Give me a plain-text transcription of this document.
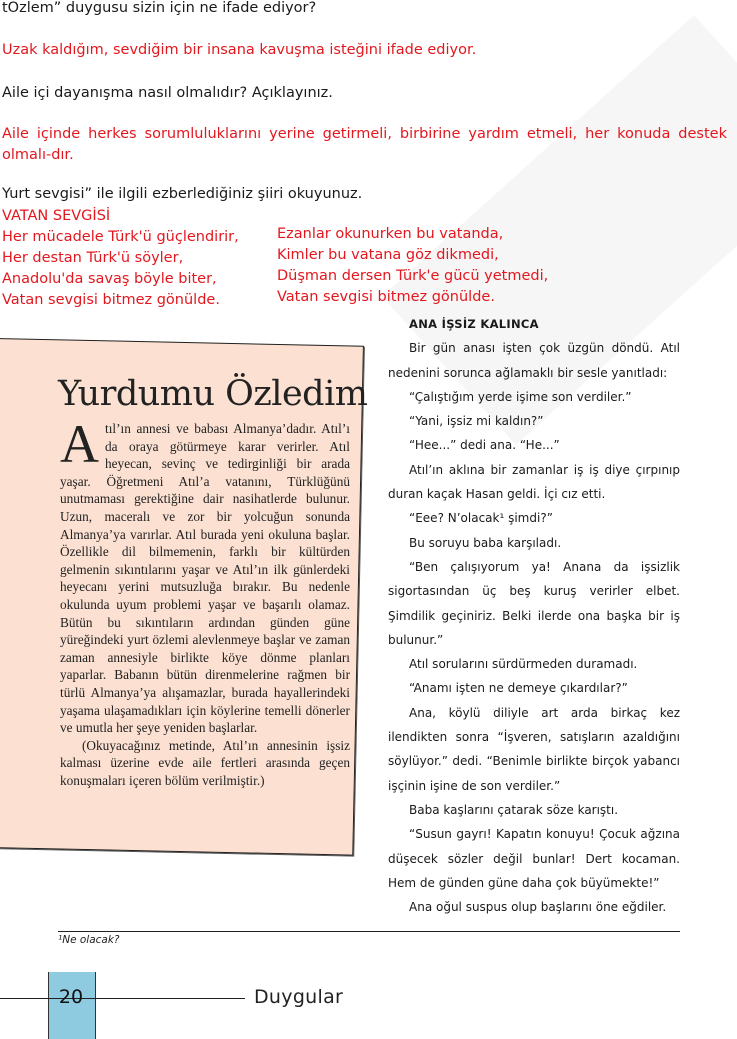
tÖzlem” duygusu sizin için ne ifade ediyor?
Uzak kaldığım, sevdiğim bir insana kavuşma isteğini ifade ediyor.
Aile içi dayanışma nasıl olmalıdır? Açıklayınız.
Aile içinde herkes sorumluluklarını yerine getirmeli, birbirine yardım etmeli, her konuda destek olmalı-dır.
Yurt sevgisi” ile ilgili ezberlediğiniz şiiri okuyunuz.
VATAN SEVGİSİ
Her mücadele Türk'ü güçlendirir,
Her destan Türk'ü söyler,
Anadolu'da savaş böyle biter,
Vatan sevgisi bitmez gönülde.
Ezanlar okunurken bu vatanda,
Kimler bu vatana göz dikmedi,
Düşman dersen Türk'e gücü yetmedi,
Vatan sevgisi bitmez gönülde.
Yurdumu Özledim
A tıl’ın annesi ve babası Almanya’dadır. Atıl’ı da oraya götürmeye karar verirler. Atıl heyecan, sevinç ve tedirginliği bir arada yaşar. Öğretmeni Atıl’a vatanını, Türklüğünü unutmaması gerektiğine dair nasihatlerde bulunur. Uzun, maceralı ve zor bir yolcuğun sonunda Almanya’ya varırlar. Atıl burada yeni okuluna başlar. Özellikle dil bilmemenin, farklı bir kültürden gelmenin sıkıntılarını yaşar ve Atıl’ın ilk günlerdeki heyecanı yerini mutsuzluğa bırakır. Bu nedenle okulunda uyum problemi yaşar ve başarılı olamaz. Bütün bu sıkıntıların ardından günden güne yüreğindeki yurt özlemi alevlenmeye başlar ve zaman zaman annesiyle birlikte köye dönme planları yaparlar. Babanın bütün direnmelerine rağmen bir türlü Almanya’ya alışamazlar, burada hayallerindeki yaşama ulaşamadıkları için köylerine temelli dönerler ve umutla her şeye yeniden başlarlar.
(Okuyacağınız metinde, Atıl’ın annesinin işsiz kalması üzerine evde aile fertleri arasında geçen konuşmaları içeren bölüm verilmiştir.)

ANA İŞSİZ KALINCA

Bir gün anası işten çok üzgün döndü. Atıl nedenini sorunca ağlamaklı bir sesle yanıtladı:

“Çalıştığım yerde işime son verdiler.”

“Yani, işsiz mi kaldın?”

“Hee...” dedi ana. “He...”

Atıl’ın aklına bir zamanlar iş iş diye çırpınıp duran kaçak Hasan geldi. İçi cız etti.

“Eee? N’olacak¹ şimdi?”

Bu soruyu baba karşıladı.

“Ben çalışıyorum ya! Anana da işsizlik sigortasından üç beş kuruş verirler elbet. Şimdilik geçiniriz. Belki ilerde ona başka bir iş bulunur.”

Atıl sorularını sürdürmeden duramadı.

“Anamı işten ne demeye çıkardılar?”

Ana, köylü diliyle art arda birkaç kez ilendikten sonra “İşveren, satışların azaldığını söylüyor.” dedi. “Benimle birlikte birçok yabancı işçinin işine de son verdiler.”

Baba kaşlarını çatarak söze karıştı.

“Susun gayrı! Kapatın konuyu! Çocuk ağzına düşecek sözler değil bunlar! Dert kocaman. Hem de günden güne daha çok büyümekte!”

Ana oğul suspus olup başlarını öne eğdiler.

¹Ne olacak?
20	Duygular
